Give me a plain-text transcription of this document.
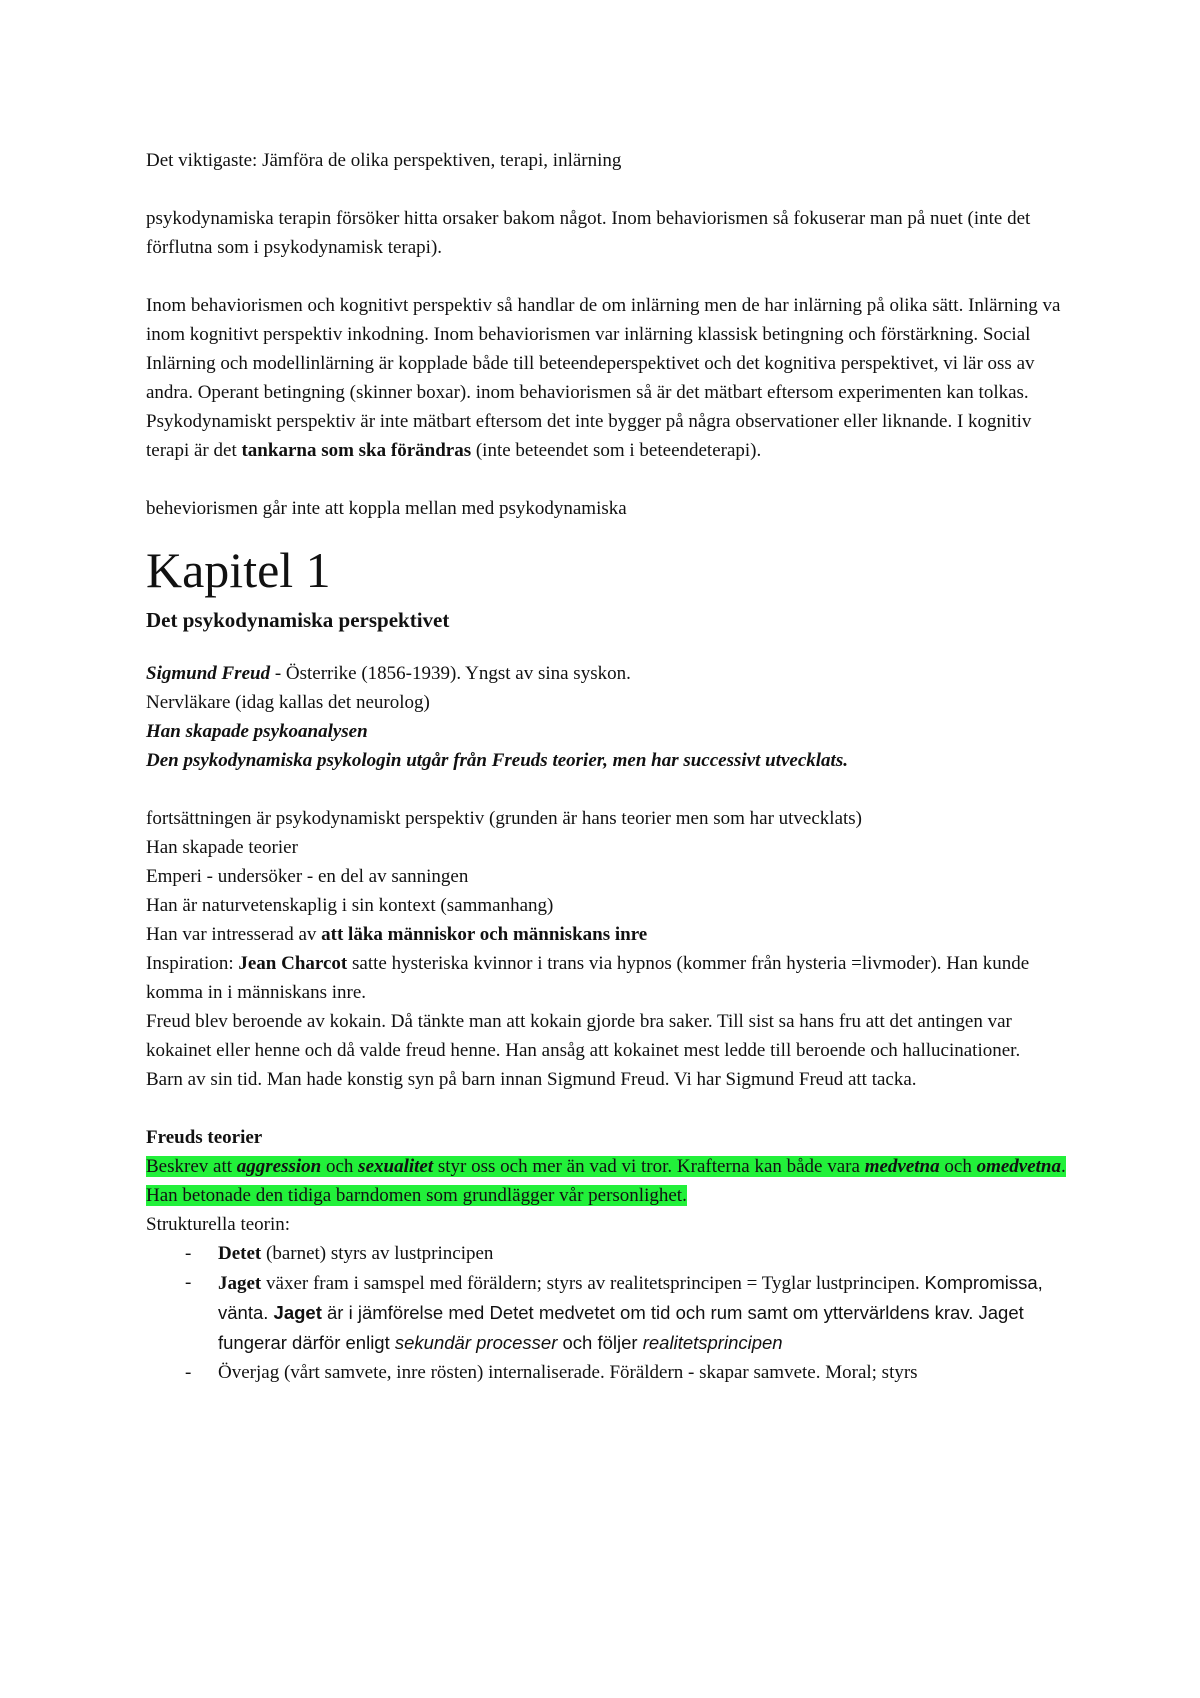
Det viktigaste: Jämföra de olika perspektiven, terapi, inlärning

psykodynamiska terapin försöker hitta orsaker bakom något. Inom behaviorismen så fokuserar man på nuet (inte det förflutna som i psykodynamisk terapi).

Inom behaviorismen och kognitivt perspektiv så handlar de om inlärning men de har inlärning på olika sätt. Inlärning va inom kognitivt perspektiv inkodning. Inom behaviorismen var inlärning klassisk betingning och förstärkning. Social Inlärning och modellinlärning är kopplade både till beteendeperspektivet och det kognitiva perspektivet, vi lär oss av andra. Operant betingning (skinner boxar). inom behaviorismen så är det mätbart eftersom experimenten kan tolkas. Psykodynamiskt perspektiv är inte mätbart eftersom det inte bygger på några observationer eller liknande. I kognitiv terapi är det tankarna som ska förändras (inte beteendet som i beteendeterapi).

beheviorismen går inte att koppla mellan med psykodynamiska

Kapitel 1
Det psykodynamiska perspektivet

Sigmund Freud - Österrike (1856-1939). Yngst av sina syskon.

Nervläkare (idag kallas det neurolog)

Han skapade psykoanalysen

Den psykodynamiska psykologin utgår från Freuds teorier, men har successivt utvecklats.

fortsättningen är psykodynamiskt perspektiv (grunden är hans teorier men som har utvecklats)

Han skapade teorier

Emperi - undersöker - en del av sanningen

Han är naturvetenskaplig i sin kontext (sammanhang)

Han var intresserad av att läka människor och människans inre

Inspiration: Jean Charcot satte hysteriska kvinnor i trans via hypnos (kommer från hysteria =livmoder). Han kunde komma in i människans inre.

Freud blev beroende av kokain. Då tänkte man att kokain gjorde bra saker. Till sist sa hans fru att det antingen var kokainet eller henne och då valde freud henne. Han ansåg att kokainet mest ledde till beroende och hallucinationer.

Barn av sin tid. Man hade konstig syn på barn innan Sigmund Freud. Vi har Sigmund Freud att tacka.

Freuds teorier

Beskrev att aggression och sexualitet styr oss och mer än vad vi tror. Krafterna kan både vara medvetna och omedvetna.

Han betonade den tidiga barndomen som grundlägger vår personlighet.

Strukturella teorin:

- Detet (barnet) styrs av lustprincipen
- Jaget växer fram i samspel med föräldern; styrs av realitetsprincipen = Tyglar lustprincipen. Kompromissa, vänta. Jaget är i jämförelse med Detet medvetet om tid och rum samt om yttervärldens krav. Jaget fungerar därför enligt sekundär processer och följer realitetsprincipen
- Överjag (vårt samvete, inre rösten) internaliserade. Föräldern - skapar samvete. Moral; styrs
